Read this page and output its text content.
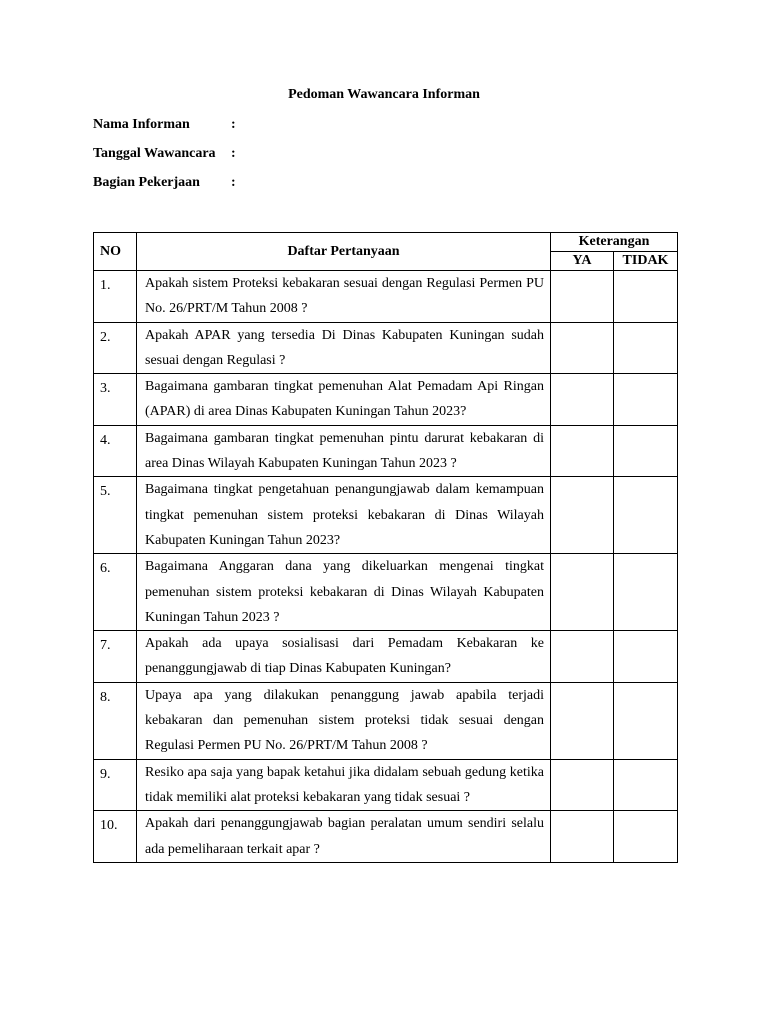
Pedoman Wawancara Informan
Nama Informan	:
Tanggal Wawancara :
Bagian Pekerjaan :
NO	Daftar Pertanyaan	Keterangan	
		YA	TIDAK
1.	Apakah sistem Proteksi kebakaran sesuai dengan Regulasi Permen PU No. 26/PRT/M Tahun 2008 ?		

2.	Apakah APAR yang tersedia Di Dinas Kabupaten Kuningan sudah sesuai dengan Regulasi ?		

3.	Bagaimana gambaran tingkat pemenuhan Alat Pemadam Api Ringan (APAR) di area Dinas Kabupaten Kuningan Tahun 2023?		

4.	Bagaimana gambaran tingkat pemenuhan pintu darurat kebakaran di area Dinas Wilayah Kabupaten Kuningan Tahun 2023 ?		

5.	Bagaimana tingkat pengetahuan penangungjawab dalam kemampuan tingkat pemenuhan sistem proteksi kebakaran di Dinas Wilayah Kabupaten Kuningan Tahun 2023?		

6.	Bagaimana Anggaran dana yang dikeluarkan mengenai tingkat pemenuhan sistem proteksi kebakaran di Dinas Wilayah Kabupaten Kuningan Tahun 2023 ?		

7.	Apakah ada upaya sosialisasi dari Pemadam Kebakaran ke penanggungjawab di tiap Dinas Kabupaten Kuningan?		

8.	Upaya apa yang dilakukan penanggung jawab apabila terjadi kebakaran dan pemenuhan sistem proteksi tidak sesuai dengan Regulasi Permen PU No. 26/PRT/M Tahun 2008 ?		

9.	Resiko apa saja yang bapak ketahui jika didalam sebuah gedung ketika tidak memiliki alat proteksi kebakaran yang tidak sesuai ?		

10.	Apakah dari penanggungjawab bagian peralatan umum sendiri selalu ada pemeliharaan terkait apar ?		
